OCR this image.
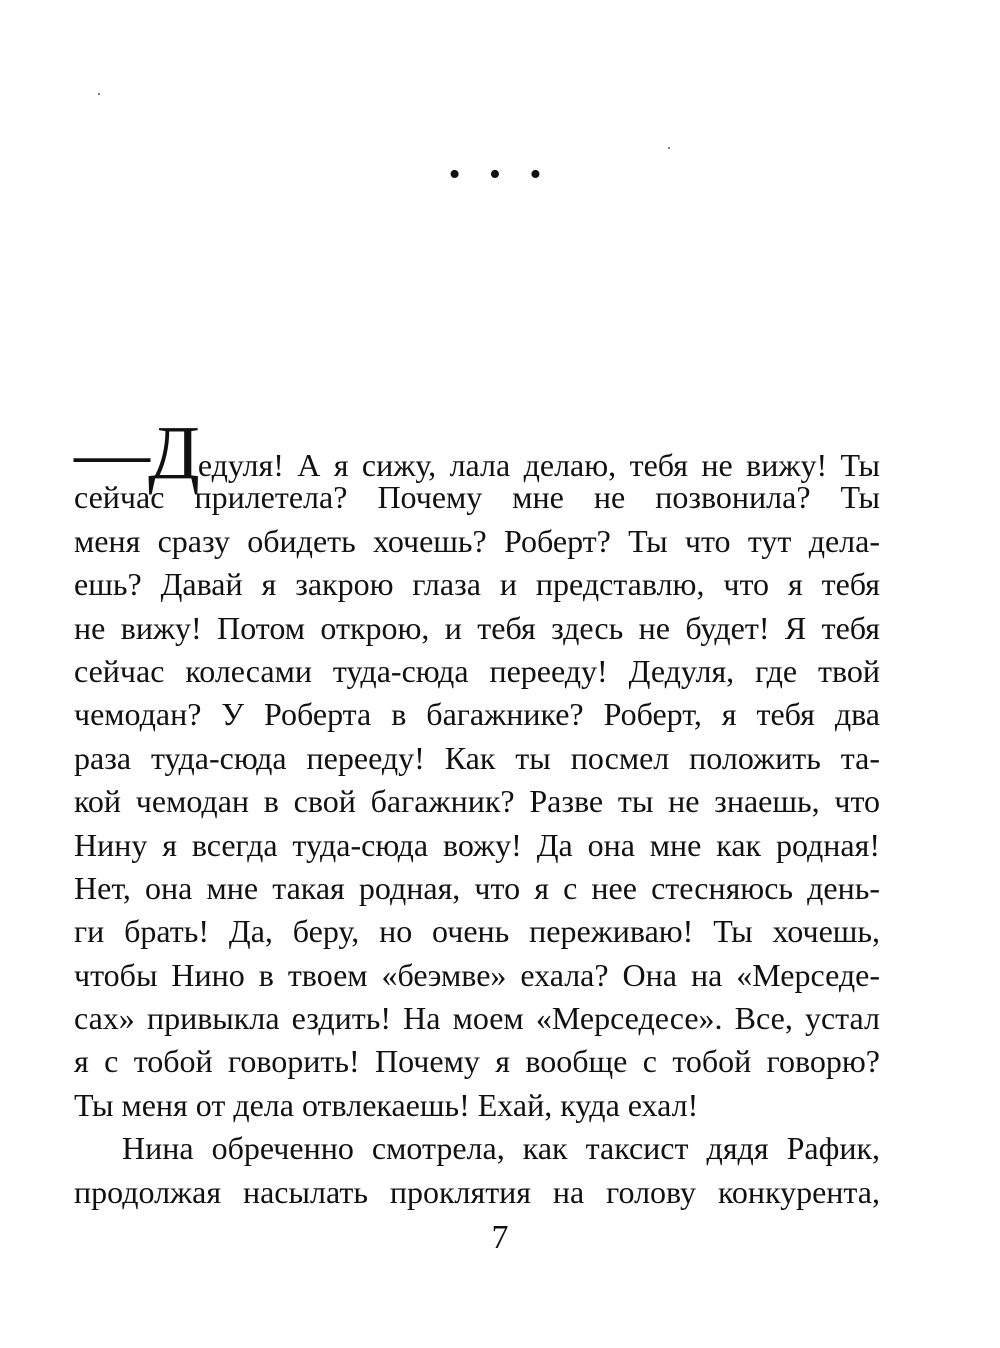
• • •
—Дедуля! А я сижу, лала делаю, тебя не вижу! Ты
сейчас прилетела? Почему мне не позвонила? Ты
меня сразу обидеть хочешь? Роберт? Ты что тут дела-
ешь? Давай я закрою глаза и представлю, что я тебя
не вижу! Потом открою, и тебя здесь не будет! Я тебя
сейчас колесами туда-сюда перееду! Дедуля, где твой
чемодан? У Роберта в багажнике? Роберт, я тебя два
раза туда-сюда перееду! Как ты посмел положить та-
кой чемодан в свой багажник? Разве ты не знаешь, что
Нину я всегда туда-сюда вожу! Да она мне как родная!
Нет, она мне такая родная, что я с нее стесняюсь день-
ги брать! Да, беру, но очень переживаю! Ты хочешь,
чтобы Нино в твоем «беэмве» ехала? Она на «Мерседе-
сах» привыкла ездить! На моем «Мерседесе». Все, устал
я с тобой говорить! Почему я вообще с тобой говорю?
Ты меня от дела отвлекаешь! Ехай, куда ехал!
Нина обреченно смотрела, как таксист дядя Рафик,
продолжая насылать проклятия на голову конкурента,
7
